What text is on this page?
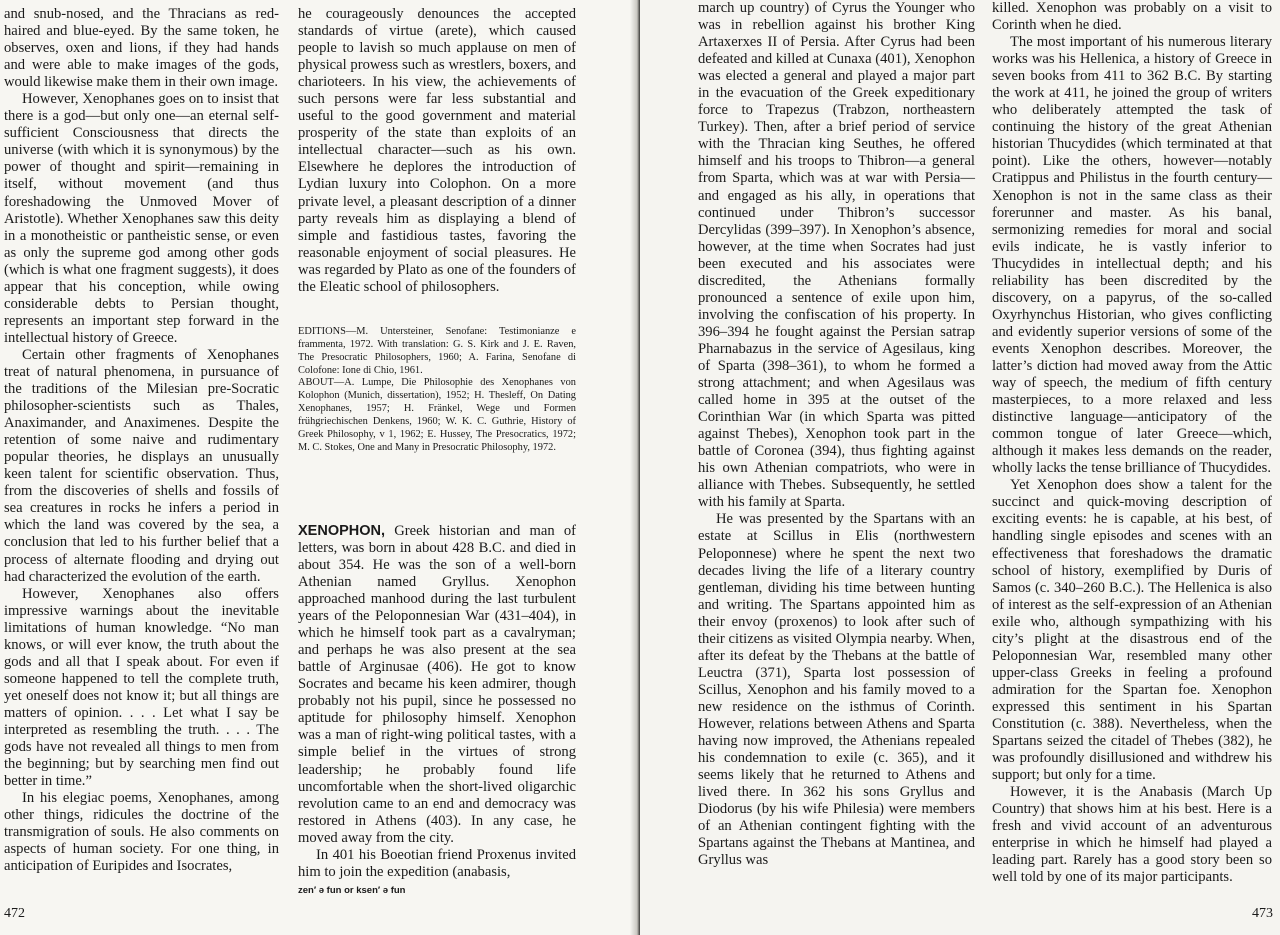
and snub-nosed, and the Thracians as red-haired and blue-eyed. By the same token, he observes, oxen and lions, if they had hands and were able to make images of the gods, would likewise make them in their own image.

However, Xenophanes goes on to insist that there is a god—but only one—an eternal self-sufficient Consciousness that directs the universe (with which it is synonymous) by the power of thought and spirit—remaining in itself, without movement (and thus foreshadowing the Unmoved Mover of Aristotle). Whether Xenophanes saw this deity in a monotheistic or pantheistic sense, or even as only the supreme god among other gods (which is what one fragment suggests), it does appear that his conception, while owing considerable debts to Persian thought, represents an important step forward in the intellectual history of Greece.

Certain other fragments of Xenophanes treat of natural phenomena, in pursuance of the traditions of the Milesian pre-Socratic philosopher-scientists such as Thales, Anaximander, and Anaximenes. Despite the retention of some naive and rudimentary popular theories, he displays an unusually keen talent for scientific observation. Thus, from the discoveries of shells and fossils of sea creatures in rocks he infers a period in which the land was covered by the sea, a conclusion that led to his further belief that a process of alternate flooding and drying out had characterized the evolution of the earth.

However, Xenophanes also offers impressive warnings about the inevitable limitations of human knowledge. “No man knows, or will ever know, the truth about the gods and all that I speak about. For even if someone happened to tell the complete truth, yet oneself does not know it; but all things are matters of opinion. . . . Let what I say be interpreted as resembling the truth. . . . The gods have not revealed all things to men from the beginning; but by searching men find out better in time.”

In his elegiac poems, Xenophanes, among other things, ridicules the doctrine of the transmigration of souls. He also comments on aspects of human society. For one thing, in anticipation of Euripides and Isocrates,

he courageously denounces the accepted standards of virtue (arete), which caused people to lavish so much applause on men of physical prowess such as wrestlers, boxers, and charioteers. In his view, the achievements of such persons were far less substantial and useful to the good government and material prosperity of the state than exploits of an intellectual character—such as his own. Elsewhere he deplores the introduction of Lydian luxury into Colophon. On a more private level, a pleasant description of a dinner party reveals him as displaying a blend of simple and fastidious tastes, favoring the reasonable enjoyment of social pleasures. He was regarded by Plato as one of the founders of the Eleatic school of philosophers.

EDITIONS—M. Untersteiner, Senofane: Testimonianze e frammenta, 1972. With translation: G. S. Kirk and J. E. Raven, The Presocratic Philosophers, 1960; A. Farina, Senofane di Colofone: Ione di Chio, 1961.

ABOUT—A. Lumpe, Die Philosophie des Xenophanes von Kolophon (Munich, dissertation), 1952; H. Thesleff, On Dating Xenophanes, 1957; H. Fränkel, Wege und Formen frühgriechischen Denkens, 1960; W. K. C. Guthrie, History of Greek Philosophy, v 1, 1962; E. Hussey, The Presocratics, 1972; M. C. Stokes, One and Many in Presocratic Philosophy, 1972.

XENOPHON, Greek historian and man of letters, was born in about 428 B.C. and died in about 354. He was the son of a well-born Athenian named Gryllus. Xenophon approached manhood during the last turbulent years of the Peloponnesian War (431–404), in which he himself took part as a cavalryman; and perhaps he was also present at the sea battle of Arginusae (406). He got to know Socrates and became his keen admirer, though probably not his pupil, since he possessed no aptitude for philosophy himself. Xenophon was a man of right-wing political tastes, with a simple belief in the virtues of strong leadership; he probably found life uncomfortable when the short-lived oligarchic revolution came to an end and democracy was restored in Athens (403). In any case, he moved away from the city.

In 401 his Boeotian friend Proxenus invited him to join the expedition (anabasis,

zen′ ə fun or ksen′ ə fun
472

march up country) of Cyrus the Younger who was in rebellion against his brother King Artaxerxes II of Persia. After Cyrus had been defeated and killed at Cunaxa (401), Xenophon was elected a general and played a major part in the evacuation of the Greek expeditionary force to Trapezus (Trabzon, northeastern Turkey). Then, after a brief period of service with the Thracian king Seuthes, he offered himself and his troops to Thibron—a general from Sparta, which was at war with Persia—and engaged as his ally, in operations that continued under Thibron’s successor Dercylidas (399–397). In Xenophon’s absence, however, at the time when Socrates had just been executed and his associates were discredited, the Athenians formally pronounced a sentence of exile upon him, involving the confiscation of his property. In 396–394 he fought against the Persian satrap Pharnabazus in the service of Agesilaus, king of Sparta (398–361), to whom he formed a strong attachment; and when Agesilaus was called home in 395 at the outset of the Corinthian War (in which Sparta was pitted against Thebes), Xenophon took part in the battle of Coronea (394), thus fighting against his own Athenian compatriots, who were in alliance with Thebes. Subsequently, he settled with his family at Sparta.

He was presented by the Spartans with an estate at Scillus in Elis (northwestern Peloponnese) where he spent the next two decades living the life of a literary country gentleman, dividing his time between hunting and writing. The Spartans appointed him as their envoy (proxenos) to look after such of their citizens as visited Olympia nearby. When, after its defeat by the Thebans at the battle of Leuctra (371), Sparta lost possession of Scillus, Xenophon and his family moved to a new residence on the isthmus of Corinth. However, relations between Athens and Sparta having now improved, the Athenians repealed his condemnation to exile (c. 365), and it seems likely that he returned to Athens and lived there. In 362 his sons Gryllus and Diodorus (by his wife Philesia) were members of an Athenian contingent fighting with the Spartans against the Thebans at Mantinea, and Gryllus was

killed. Xenophon was probably on a visit to Corinth when he died.

The most important of his numerous literary works was his Hellenica, a history of Greece in seven books from 411 to 362 B.C. By starting the work at 411, he joined the group of writers who deliberately attempted the task of continuing the history of the great Athenian historian Thucydides (which terminated at that point). Like the others, however—notably Cratippus and Philistus in the fourth century—Xenophon is not in the same class as their forerunner and master. As his banal, sermonizing remedies for moral and social evils indicate, he is vastly inferior to Thucydides in intellectual depth; and his reliability has been discredited by the discovery, on a papyrus, of the so-called Oxyrhynchus Historian, who gives conflicting and evidently superior versions of some of the events Xenophon describes. Moreover, the latter’s diction had moved away from the Attic way of speech, the medium of fifth century masterpieces, to a more relaxed and less distinctive language—anticipatory of the common tongue of later Greece—which, although it makes less demands on the reader, wholly lacks the tense brilliance of Thucydides.

Yet Xenophon does show a talent for the succinct and quick-moving description of exciting events: he is capable, at his best, of handling single episodes and scenes with an effectiveness that foreshadows the dramatic school of history, exemplified by Duris of Samos (c. 340–260 B.C.). The Hellenica is also of interest as the self-expression of an Athenian exile who, although sympathizing with his city’s plight at the disastrous end of the Peloponnesian War, resembled many other upper-class Greeks in feeling a profound admiration for the Spartan foe. Xenophon expressed this sentiment in his Spartan Constitution (c. 388). Nevertheless, when the Spartans seized the citadel of Thebes (382), he was profoundly disillusioned and withdrew his support; but only for a time.

However, it is the Anabasis (March Up Country) that shows him at his best. Here is a fresh and vivid account of an adventurous enterprise in which he himself had played a leading part. Rarely has a good story been so well told by one of its major participants.

473
